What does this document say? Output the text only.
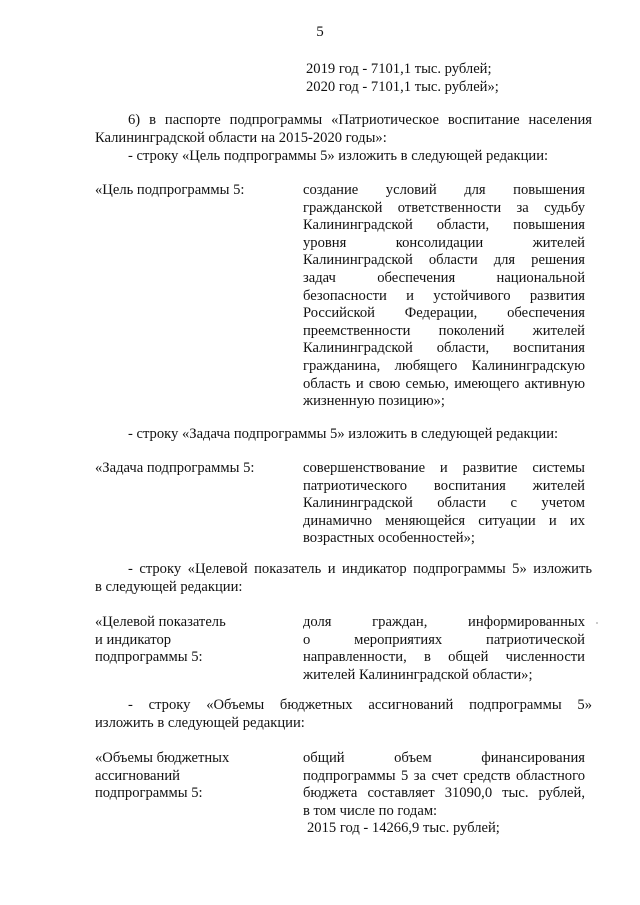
5
2019 год - 7101,1 тыс. рублей;
2020 год - 7101,1 тыс. рублей»;
6) в паспорте подпрограммы «Патриотическое воспитание населения
Калининградской области на 2015-2020 годы»:
- строку «Цель подпрограммы 5» изложить в следующей редакции:
«Цель подпрограммы 5:	создание условий для повышения
гражданской ответственности за судьбу
Калининградской области, повышения
уровня консолидации жителей
Калининградской области для решения
задач обеспечения национальной
безопасности и устойчивого развития
Российской Федерации, обеспечения
преемственности поколений жителей
Калининградской области, воспитания
гражданина, любящего Калининградскую
область и свою семью, имеющего активную
жизненную позицию»;
- строку «Задача подпрограммы 5» изложить в следующей редакции:
«Задача подпрограммы 5:	совершенствование и развитие системы
патриотического воспитания жителей
Калининградской области с учетом
динамично меняющейся ситуации и их
возрастных особенностей»;
- строку «Целевой показатель и индикатор подпрограммы 5» изложить
в следующей редакции:
«Целевой показатель
и индикатор
подпрограммы 5:
доля граждан, информированных
о мероприятиях патриотической
направленности, в общей численности
жителей Калининградской области»;
- строку «Объемы бюджетных ассигнований подпрограммы 5»
изложить в следующей редакции:
«Объемы бюджетных
ассигнований
подпрограммы 5:
общий объем финансирования
подпрограммы 5 за счет средств областного
бюджета составляет 31090,0 тыс. рублей,
в том числе по годам:
2015 год - 14266,9 тыс. рублей;
